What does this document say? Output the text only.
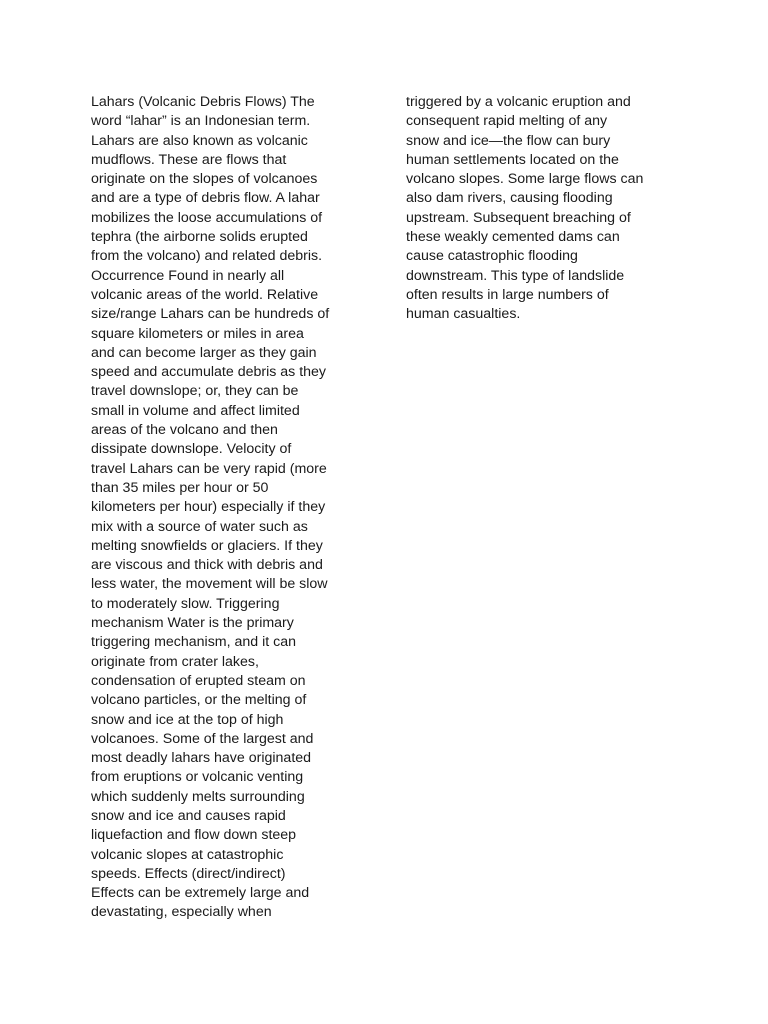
Lahars (Volcanic Debris Flows) The
word “lahar” is an Indonesian term.
Lahars are also known as volcanic
mudflows. These are flows that
originate on the slopes of volcanoes
and are a type of debris flow. A lahar
mobilizes the loose accumulations of
tephra (the airborne solids erupted
from the volcano) and related debris.
Occurrence Found in nearly all
volcanic areas of the world. Relative
size/range Lahars can be hundreds of
square kilometers or miles in area
and can become larger as they gain
speed and accumulate debris as they
travel downslope; or, they can be
small in volume and affect limited
areas of the volcano and then
dissipate downslope. Velocity of
travel Lahars can be very rapid (more
than 35 miles per hour or 50
kilometers per hour) especially if they
mix with a source of water such as
melting snowfields or glaciers. If they
are viscous and thick with debris and
less water, the movement will be slow
to moderately slow. Triggering
mechanism Water is the primary
triggering mechanism, and it can
originate from crater lakes,
condensation of erupted steam on
volcano particles, or the melting of
snow and ice at the top of high
volcanoes. Some of the largest and
most deadly lahars have originated
from eruptions or volcanic venting
which suddenly melts surrounding
snow and ice and causes rapid
liquefaction and flow down steep
volcanic slopes at catastrophic
speeds. Effects (direct/indirect)
Effects can be extremely large and
devastating, especially when
triggered by a volcanic eruption and
consequent rapid melting of any
snow and ice—the flow can bury
human settlements located on the
volcano slopes. Some large flows can
also dam rivers, causing flooding
upstream. Subsequent breaching of
these weakly cemented dams can
cause catastrophic flooding
downstream. This type of landslide
often results in large numbers of
human casualties.
